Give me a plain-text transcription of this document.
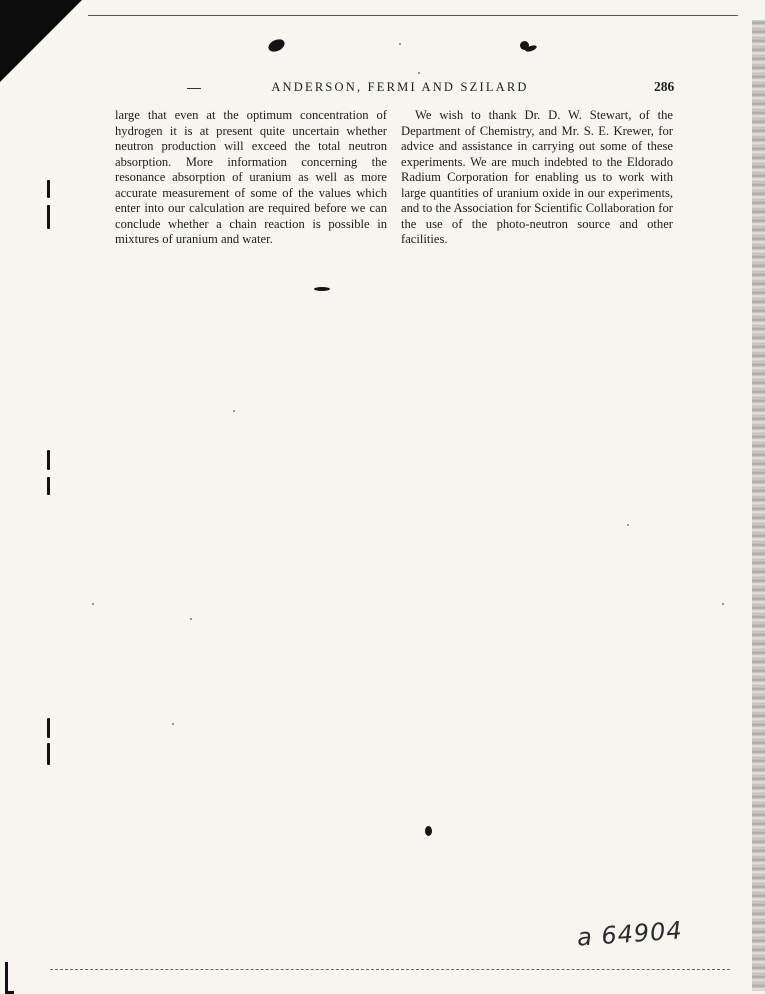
ANDERSON, FERMI AND SZILARD	286

large that even at the optimum concentration of hydrogen it is at present quite uncertain whether neutron production will exceed the total neutron absorption. More information concerning the resonance absorption of uranium as well as more accurate measurement of some of the values which enter into our calculation are required before we can conclude whether a chain reaction is possible in mixtures of uranium and water.

We wish to thank Dr. D. W. Stewart, of the Department of Chemistry, and Mr. S. E. Krewer, for advice and assistance in carrying out some of these experiments. We are much indebted to the Eldorado Radium Corporation for enabling us to work with large quantities of uranium oxide in our experiments, and to the Association for Scientific Collaboration for the use of the photo-neutron source and other facilities.

a 64904
